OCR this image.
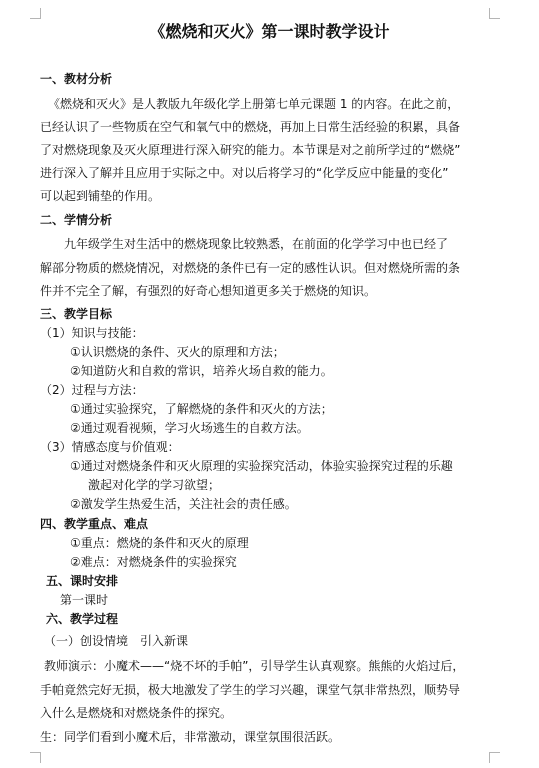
《燃烧和灭火》第一课时教学设计

一、教材分析

《燃烧和灭火》是人教版九年级化学上册第七单元课题 1 的内容。在此之前，

已经认识了一些物质在空气和氧气中的燃烧，再加上日常生活经验的积累，具备

了对燃烧现象及灭火原理进行深入研究的能力。本节课是对之前所学过的“燃烧”

进行深入了解并且应用于实际之中。对以后将学习的“化学反应中能量的变化”

可以起到铺垫的作用。

二、学情分析

九年级学生对生活中的燃烧现象比较熟悉，在前面的化学学习中也已经了

解部分物质的燃烧情况，对燃烧的条件已有一定的感性认识。但对燃烧所需的条

件并不完全了解，有强烈的好奇心想知道更多关于燃烧的知识。

三、教学目标

（1）知识与技能：

①认识燃烧的条件、灭火的原理和方法；

②知道防火和自救的常识，培养火场自救的能力。

（2）过程与方法：

①通过实验探究，了解燃烧的条件和灭火的方法；

②通过观看视频，学习火场逃生的自救方法。

（3）情感态度与价值观：

①通过对燃烧条件和灭火原理的实验探究活动，体验实验探究过程的乐趣

激起对化学的学习欲望；

②激发学生热爱生活，关注社会的责任感。

四、教学重点、难点

①重点：燃烧的条件和灭火的原理

②难点：对燃烧条件的实验探究

五、课时安排

第一课时

六、教学过程

（一）创设情境　引入新课

教师演示：小魔术——“烧不坏的手帕”，引导学生认真观察。熊熊的火焰过后，

手帕竟然完好无损，极大地激发了学生的学习兴趣，课堂气氛非常热烈，顺势导

入什么是燃烧和对燃烧条件的探究。

生：同学们看到小魔术后，非常激动，课堂氛围很活跃。
